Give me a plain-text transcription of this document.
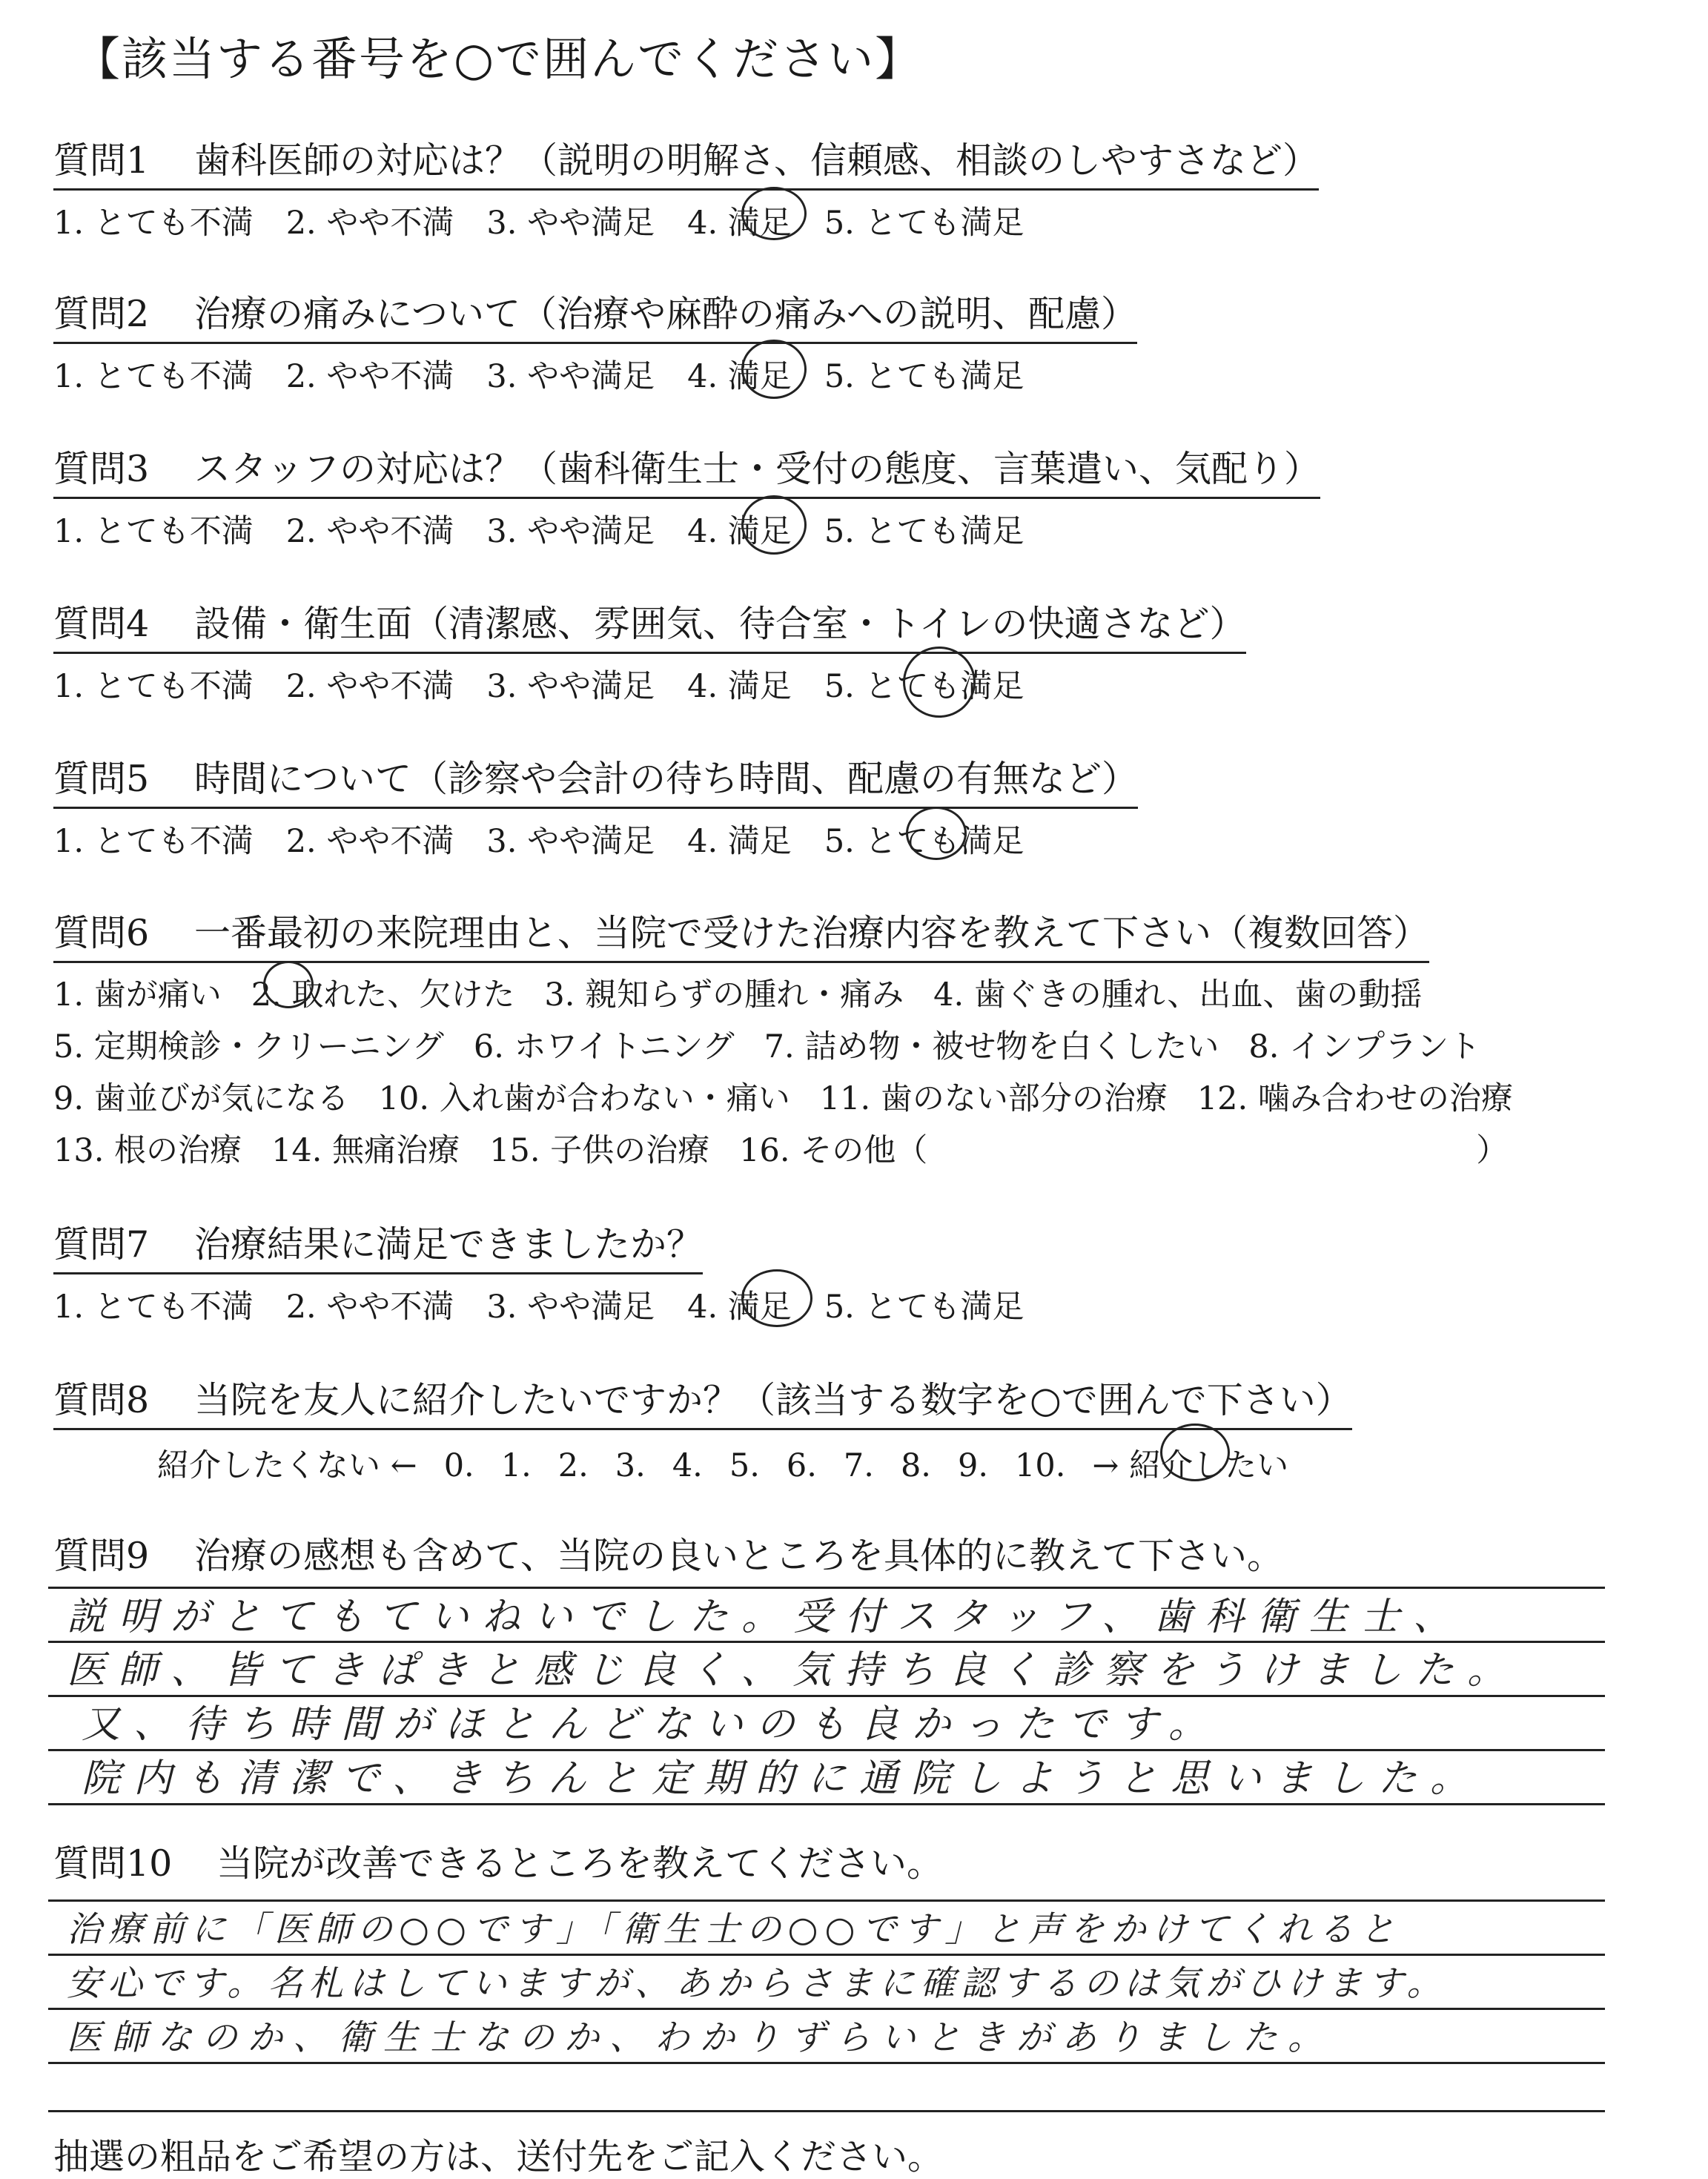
【該当する番号を○で囲んでください】
質問1 歯科医師の対応は？（説明の明解さ、信頼感、相談のしやすさなど）
1. とても不満 2. やや不満 3. やや満足 4. 満足 5. とても満足
質問2 治療の痛みについて（治療や麻酔の痛みへの説明、配慮）
1. とても不満 2. やや不満 3. やや満足 4. 満足 5. とても満足
質問3 スタッフの対応は？（歯科衛生士・受付の態度、言葉遣い、気配り）
1. とても不満 2. やや不満 3. やや満足 4. 満足 5. とても満足
質問4 設備・衛生面（清潔感、雰囲気、待合室・トイレの快適さなど）
1. とても不満 2. やや不満 3. やや満足 4. 満足 5. とても満足
質問5 時間について（診察や会計の待ち時間、配慮の有無など）
1. とても不満 2. やや不満 3. やや満足 4. 満足 5. とても満足
質問6 一番最初の来院理由と、当院で受けた治療内容を教えて下さい（複数回答）
1. 歯が痛い 2. 取れた、欠けた 3. 親知らずの腫れ・痛み 4. 歯ぐきの腫れ、出血、歯の動揺
5. 定期検診・クリーニング 6. ホワイトニング 7. 詰め物・被せ物を白くしたい 8. インプラント
9. 歯並びが気になる 10. 入れ歯が合わない・痛い 11. 歯のない部分の治療 12. 噛み合わせの治療
13. 根の治療 14. 無痛治療 15. 子供の治療 16. その他（	）
質問7 治療結果に満足できましたか？
1. とても不満 2. やや不満 3. やや満足 4. 満足 5. とても満足
質問8 当院を友人に紹介したいですか？（該当する数字を○で囲んで下さい）
紹介したくない ← 0. 1. 2. 3. 4. 5. 6. 7. 8. 9. 10. → 紹介したい
質問9 治療の感想も含めて、当院の良いところを具体的に教えて下さい。
説明がとてもていねいでした。受付スタッフ、歯科衛生士、
医師、皆てきぱきと感じ良く、気持ち良く診察をうけました。
又、待ち時間がほとんどないのも良かったです。
院内も清潔で、きちんと定期的に通院しようと思いました。
質問10 当院が改善できるところを教えてください。
治療前に「医師の○○です」「衛生士の○○です」と声をかけてくれると
安心です。名札はしていますが、あからさまに確認するのは気がひけます。
医師なのか、衛生士なのか、わかりずらいときがありました。
抽選の粗品をご希望の方は、送付先をご記入ください。
